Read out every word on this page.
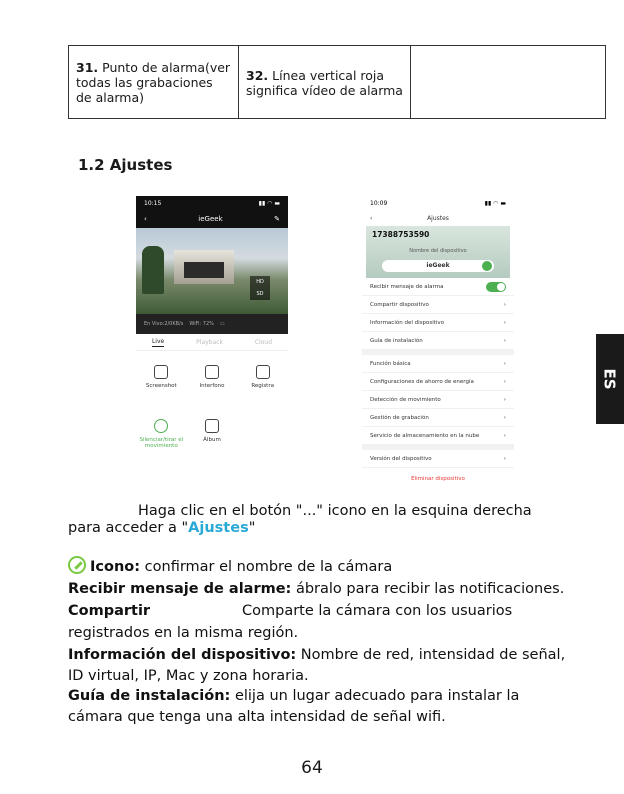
31. Punto de alarma(ver todas las grabaciones de alarma)
32. Línea vertical roja significa vídeo de alarma
1.2 Ajustes
10:15	▮▮ ◠ ▬
‹	ieGeek	✎
HD
SD
En Vivo:2/0KB/s WiFi: 72% ▭
Live	Playback	Cloud
Screenshot	Interfono	Registra
Silenciar/tirar el movimiento
Álbum
10:09	▮▮ ◠ ▬
‹	Ajustes
17388753590
Nombre del dispositivo
ieGeek
Recibir mensaje de alarma
Compartir dispositivo	›
Información del dispositivo	›
Guía de instalación	›
Función básica	›
Configuraciones de ahorro de energía	›
Detección de movimiento	›
Gestión de grabación	›
Servicio de almacenamiento en la nube	›
Versión del dispositivo	›
Eliminar dispositivo
Haga clic en el botón "..." icono en la esquina derecha
para acceder a "Ajustes"
Icono: confirmar el nombre de la cámara
Recibir mensaje de alarme: ábralo para recibir las notificaciones.
Compartir	Comparte la cámara con los usuarios
registrados en la misma región.
Información del dispositivo: Nombre de red, intensidad de señal,
ID virtual, IP, Mac y zona horaria.
Guía de instalación: elija un lugar adecuado para instalar la
cámara que tenga una alta intensidad de señal wifi.
ES
64
